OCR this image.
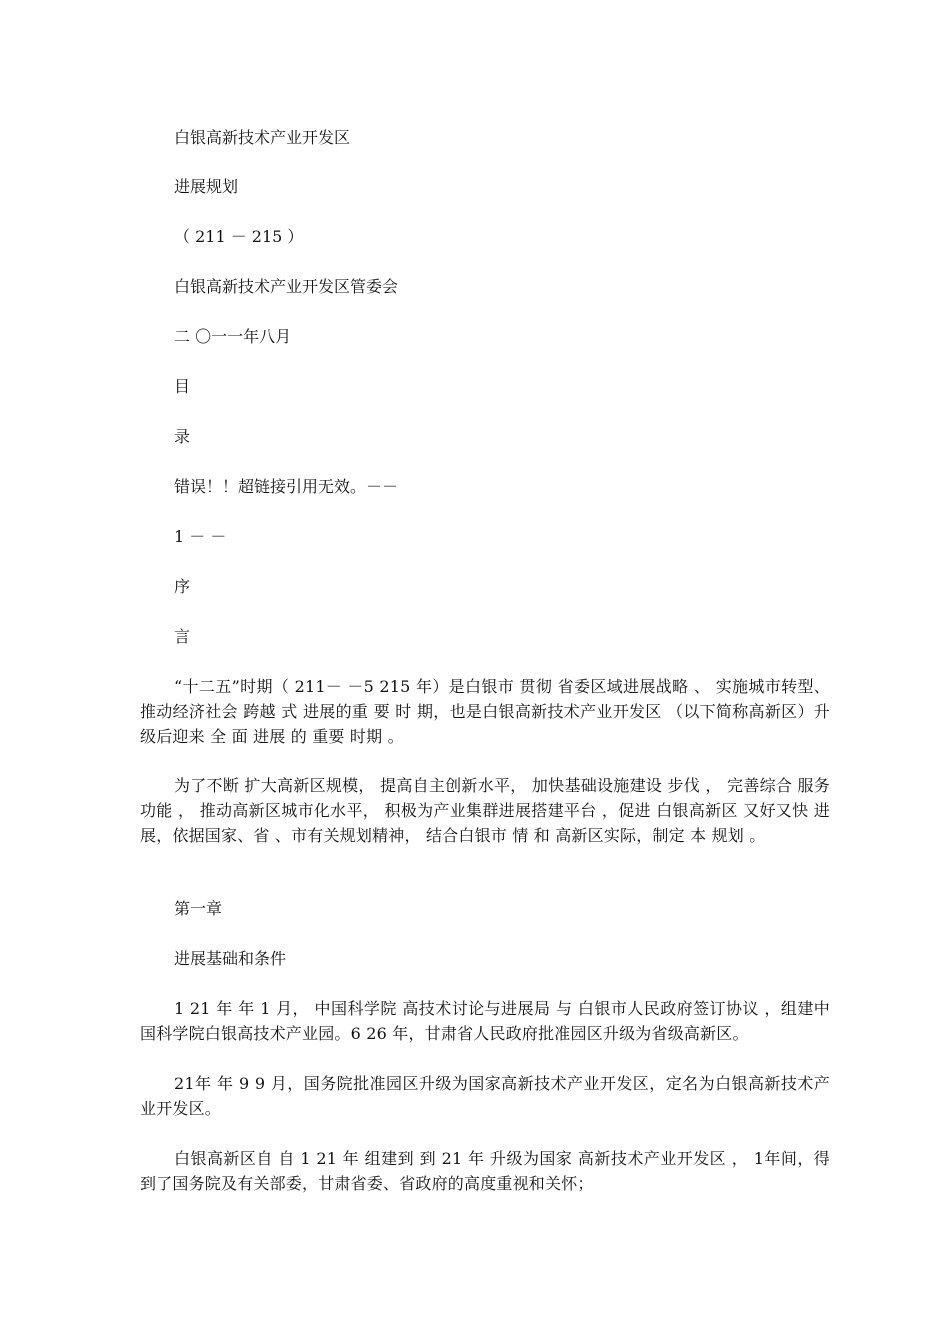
白银高新技术产业开发区
进展规划
（ 211 － 215 ）
白银高新技术产业开发区管委会
二 〇一一年八月
目
录
错误！！超链接引用无效。－－
1 － －
序
言
“十二五”时期（ 211－ －5 215 年）是白银市 贯彻 省委区域进展战略 、 实施城市转型、推动经济社会 跨越 式 进展的重 要 时 期，也是白银高新技术产业开发区 （以下简称高新区）升级后迎来 全 面 进展 的 重要 时期 。
为了不断 扩大高新区规模， 提高自主创新水平， 加快基础设施建设 步伐 ， 完善综合 服务 功能 ， 推动高新区城市化水平， 积极为产业集群进展搭建平台 ，促进 白银高新区 又好又快 进展，依据国家、省 、市有关规划精神， 结合白银市 情 和 高新区实际，制定 本 规划 。
第一章
进展基础和条件
1 21 年 年 1 月， 中国科学院 高技术讨论与进展局 与 白银市人民政府签订协议 ，组建中国科学院白银高技术产业园。6 26 年，甘肃省人民政府批准园区升级为省级高新区。
21年 年 9 9 月，国务院批准园区升级为国家高新技术产业开发区，定名为白银高新技术产业开发区。
白银高新区自 自 1 21 年 组建到 到 21 年 升级为国家 高新技术产业开发区 ， 1年间，得到了国务院及有关部委，甘肃省委、省政府的高度重视和关怀；
